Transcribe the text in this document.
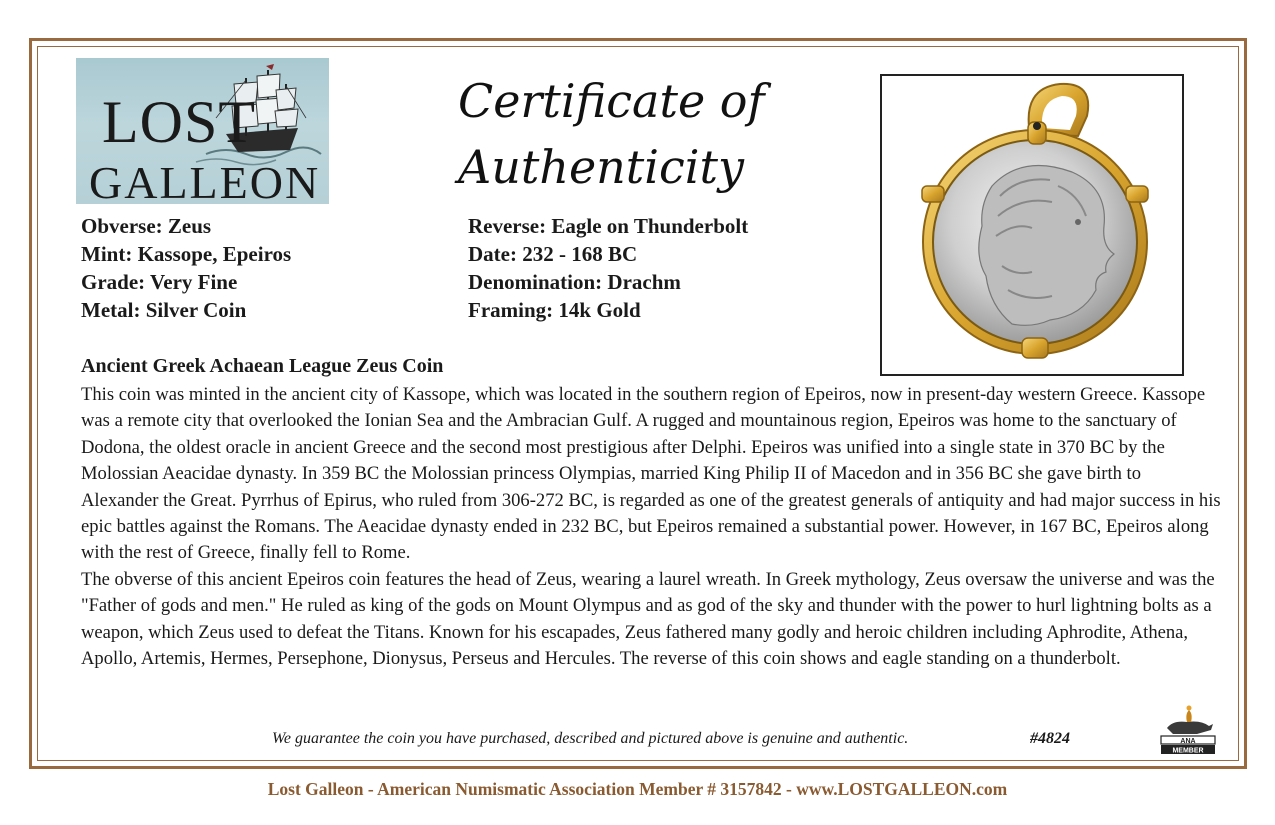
LOST
GALLEON
Certificate of
Authenticity
Obverse: Zeus
Mint: Kassope, Epeiros
Grade: Very Fine
Metal: Silver Coin
Reverse: Eagle on Thunderbolt
Date: 232 - 168 BC
Denomination: Drachm
Framing: 14k Gold
Ancient Greek Achaean League Zeus Coin

This coin was minted in the ancient city of Kassope, which was located in the southern region of Epeiros, now in present-day western Greece. Kassope was a remote city that overlooked the Ionian Sea and the Ambracian Gulf. A rugged and mountainous region, Epeiros was home to the sanctuary of Dodona, the oldest oracle in ancient Greece and the second most prestigious after Delphi. Epeiros was unified into a single state in 370 BC by the Molossian Aeacidae dynasty. In 359 BC the Molossian princess Olympias, married King Philip II of Macedon and in 356 BC she gave birth to Alexander the Great. Pyrrhus of Epirus, who ruled from 306-272 BC, is regarded as one of the greatest generals of antiquity and had major success in his epic battles against the Romans. The Aeacidae dynasty ended in 232 BC, but Epeiros remained a substantial power. However, in 167 BC, Epeiros along with the rest of Greece, finally fell to Rome.

The obverse of this ancient Epeiros coin features the head of Zeus, wearing a laurel wreath. In Greek mythology, Zeus oversaw the universe and was the "Father of gods and men." He ruled as king of the gods on Mount Olympus and as god of the sky and thunder with the power to hurl lightning bolts as a weapon, which Zeus used to defeat the Titans. Known for his escapades, Zeus fathered many godly and heroic children including Aphrodite, Athena, Apollo, Artemis, Hermes, Persephone, Dionysus, Perseus and Hercules. The reverse of this coin shows and eagle standing on a thunderbolt.

We guarantee the coin you have purchased, described and pictured above is genuine and authentic.	#4824	ANA
MEMBER
Lost Galleon - American Numismatic Association Member # 3157842 - www.LOSTGALLEON.com
